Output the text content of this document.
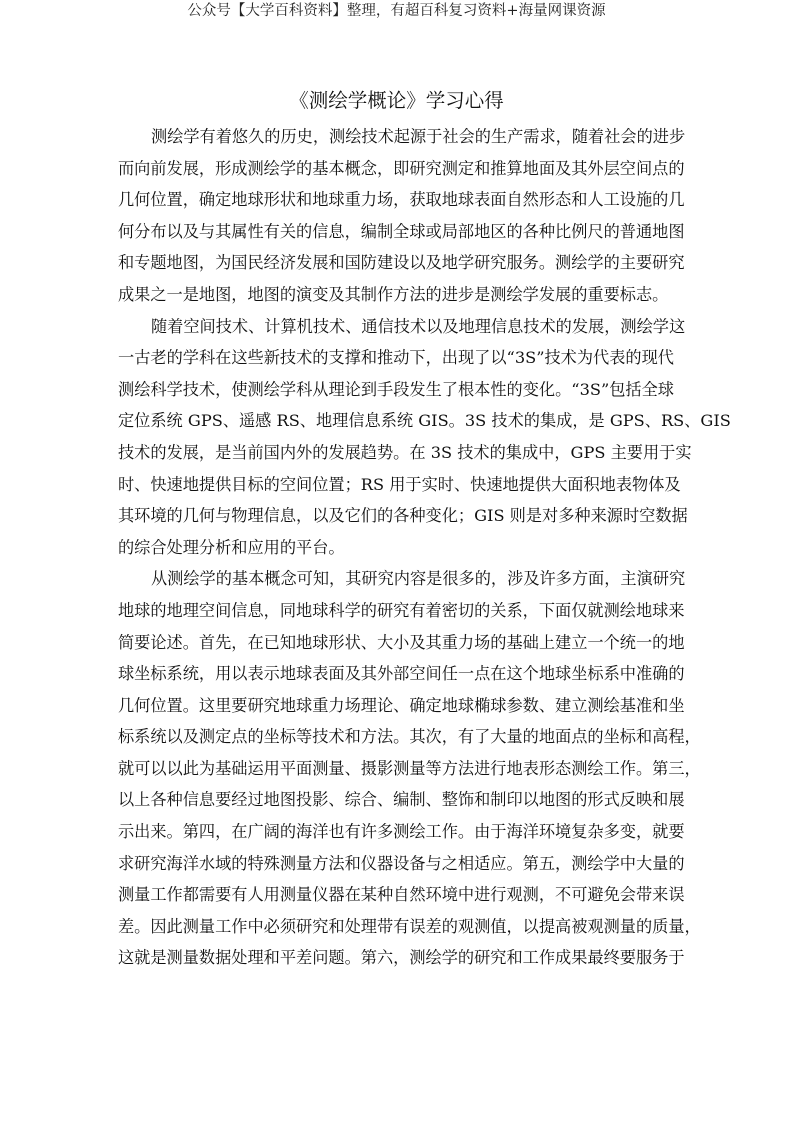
公众号【大学百科资料】整理，有超百科复习资料+海量网课资源
《测绘学概论》学习心得
测绘学有着悠久的历史，测绘技术起源于社会的生产需求，随着社会的进步
而向前发展，形成测绘学的基本概念，即研究测定和推算地面及其外层空间点的
几何位置，确定地球形状和地球重力场，获取地球表面自然形态和人工设施的几
何分布以及与其属性有关的信息，编制全球或局部地区的各种比例尺的普通地图
和专题地图，为国民经济发展和国防建设以及地学研究服务。测绘学的主要研究
成果之一是地图，地图的演变及其制作方法的进步是测绘学发展的重要标志。
随着空间技术、计算机技术、通信技术以及地理信息技术的发展，测绘学这
一古老的学科在这些新技术的支撑和推动下，出现了以“3S”技术为代表的现代
测绘科学技术，使测绘学科从理论到手段发生了根本性的变化。“3S”包括全球
定位系统 GPS、遥感 RS、地理信息系统 GIS。3S 技术的集成，是 GPS、RS、GIS
技术的发展，是当前国内外的发展趋势。在 3S 技术的集成中，GPS 主要用于实
时、快速地提供目标的空间位置；RS 用于实时、快速地提供大面积地表物体及
其环境的几何与物理信息，以及它们的各种变化；GIS 则是对多种来源时空数据
的综合处理分析和应用的平台。
从测绘学的基本概念可知，其研究内容是很多的，涉及许多方面，主演研究
地球的地理空间信息，同地球科学的研究有着密切的关系，下面仅就测绘地球来
简要论述。首先，在已知地球形状、大小及其重力场的基础上建立一个统一的地
球坐标系统，用以表示地球表面及其外部空间任一点在这个地球坐标系中准确的
几何位置。这里要研究地球重力场理论、确定地球椭球参数、建立测绘基准和坐
标系统以及测定点的坐标等技术和方法。其次，有了大量的地面点的坐标和高程，
就可以以此为基础运用平面测量、摄影测量等方法进行地表形态测绘工作。第三，
以上各种信息要经过地图投影、综合、编制、整饰和制印以地图的形式反映和展
示出来。第四，在广阔的海洋也有许多测绘工作。由于海洋环境复杂多变，就要
求研究海洋水域的特殊测量方法和仪器设备与之相适应。第五，测绘学中大量的
测量工作都需要有人用测量仪器在某种自然环境中进行观测，不可避免会带来误
差。因此测量工作中必须研究和处理带有误差的观测值，以提高被观测量的质量，
这就是测量数据处理和平差问题。第六，测绘学的研究和工作成果最终要服务于
